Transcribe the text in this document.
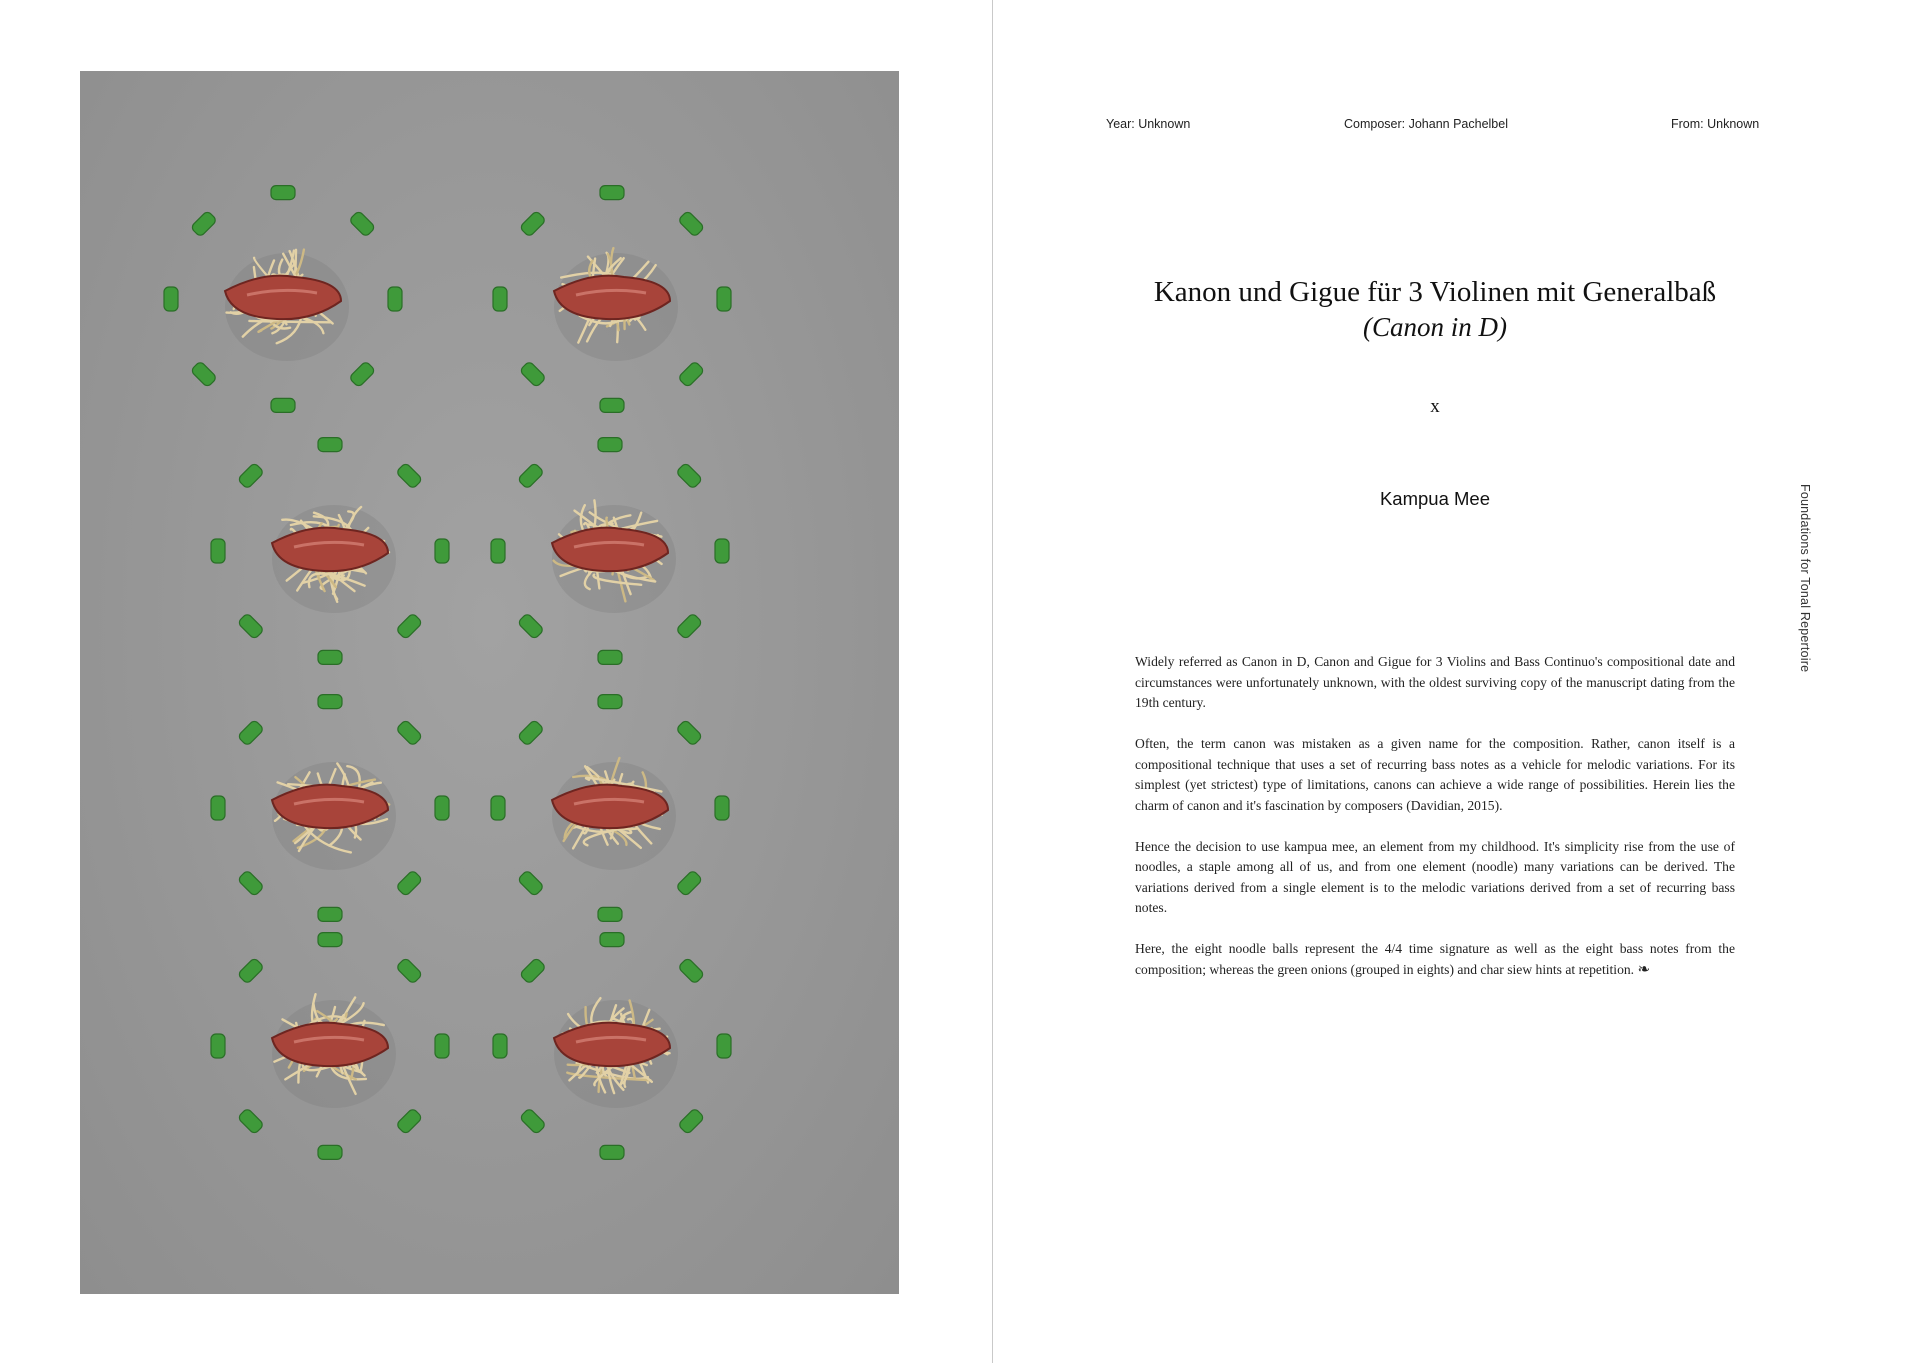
Year: Unknown	Composer: Johann Pachelbel	From: Unknown
Kanon und Gigue für 3 Violinen mit Generalbaß
(Canon in D)
x
Kampua Mee	Foundations for Tonal Repertoire

Widely referred as Canon in D, Canon and Gigue for 3 Violins and Bass Continuo's compositional date and circumstances were unfortunately unknown, with the oldest surviving copy of the manuscript dating from the 19th century.

Often, the term canon was mistaken as a given name for the composition. Rather, canon itself is a compositional technique that uses a set of recurring bass notes as a vehicle for melodic variations. For its simplest (yet strictest) type of limitations, canons can achieve a wide range of possibilities. Herein lies the charm of canon and it's fascination by composers (Davidian, 2015).

Hence the decision to use kampua mee, an element from my childhood. It's simplicity rise from the use of noodles, a staple among all of us, and from one element (noodle) many variations can be derived. The variations derived from a single element is to the melodic variations derived from a set of recurring bass notes.

Here, the eight noodle balls represent the 4/4 time signature as well as the eight bass notes from the composition; whereas the green onions (grouped in eights) and char siew hints at repetition. ❧
